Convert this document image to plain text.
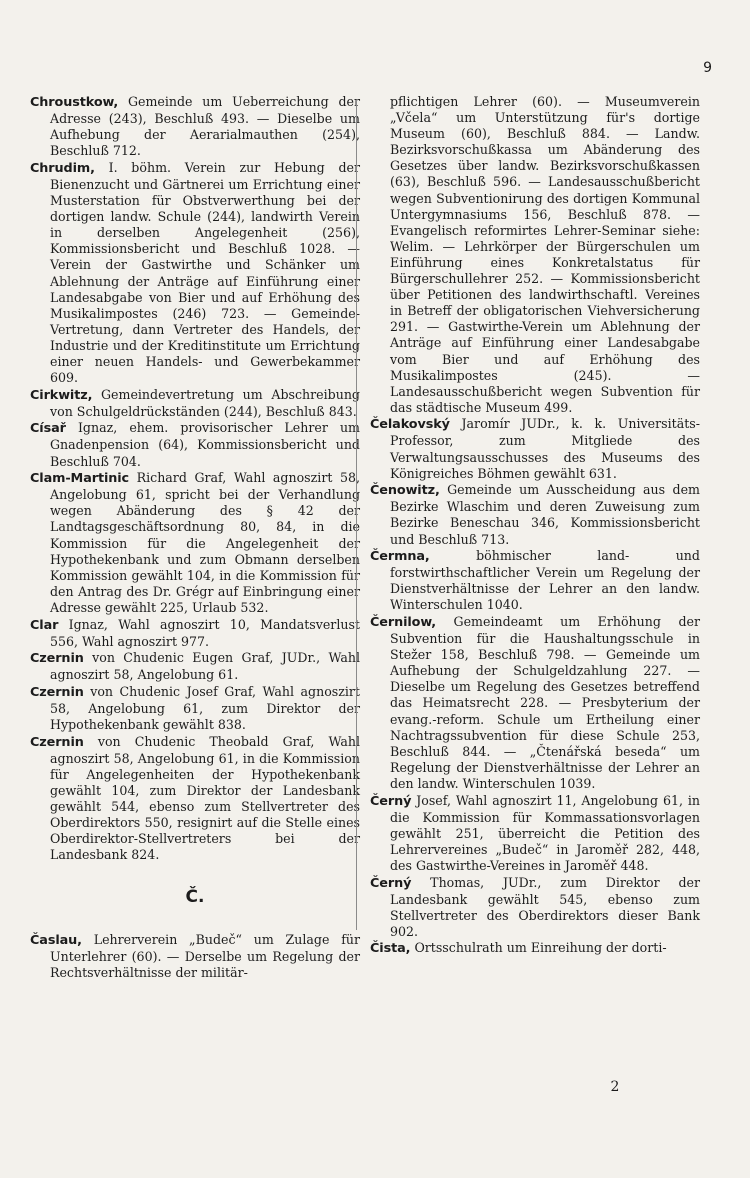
9

Chroustkow, Gemeinde um Ueberreichung der Adresse (243), Beschluß 493. — Dieselbe um Aufhebung der Aerarialmauthen (254), Beschluß 712.

Chrudim, I. böhm. Verein zur Hebung der Bienenzucht und Gärtnerei um Errichtung einer Musterstation für Obstverwerthung bei der dortigen landw. Schule (244), landwirth Verein in derselben Angelegenheit (256), Kommissionsbericht und Beschluß 1028. — Verein der Gastwirthe und Schänker um Ablehnung der Anträge auf Einführung einer Landesabgabe von Bier und auf Erhöhung des Musikalimpostes (246) 723. — Gemeinde-Vertretung, dann Vertreter des Handels, der Industrie und der Kreditinstitute um Errichtung einer neuen Handels- und Gewerbekammer 609.

Cirkwitz, Gemeindevertretung um Abschreibung von Schulgeldrückständen (244), Beschluß 843.

Císař Ignaz, ehem. provisorischer Lehrer um Gnadenpension (64), Kommissionsbericht und Beschluß 704.

Clam-Martinic Richard Graf, Wahl agnoszirt 58, Angelobung 61, spricht bei der Verhandlung wegen Abänderung des § 42 der Landtagsgeschäftsordnung 80, 84, in die Kommission für die Angelegenheit der Hypothekenbank und zum Obmann derselben Kommission gewählt 104, in die Kommission für den Antrag des Dr. Grégr auf Einbringung einer Adresse gewählt 225, Urlaub 532.

Clar Ignaz, Wahl agnoszirt 10, Mandatsverlust 556, Wahl agnoszirt 977.

Czernin von Chudenic Eugen Graf, JUDr., Wahl agnoszirt 58, Angelobung 61.

Czernin von Chudenic Josef Graf, Wahl agnoszirt 58, Angelobung 61, zum Direktor der Hypothekenbank gewählt 838.

Czernin von Chudenic Theobald Graf, Wahl agnoszirt 58, Angelobung 61, in die Kommission für Angelegenheiten der Hypothekenbank gewählt 104, zum Direktor der Landesbank gewählt 544, ebenso zum Stellvertreter des Oberdirektors 550, resignirt auf die Stelle eines Oberdirektor-Stellvertreters bei der Landesbank 824.

Č.

Časlau, Lehrerverein „Budeč“ um Zulage für Unterlehrer (60). — Derselbe um Regelung der Rechtsverhältnisse der militär-

pflichtigen Lehrer (60). — Museumverein „Včela“ um Unterstützung für's dortige Museum (60), Beschluß 884. — Landw. Bezirksvorschußkassa um Abänderung des Gesetzes über landw. Bezirksvorschußkassen (63), Beschluß 596. — Landesausschußbericht wegen Subventionirung des dortigen Kommunal Untergymnasiums 156, Beschluß 878. — Evangelisch reformirtes Lehrer-Seminar siehe: Welim. — Lehrkörper der Bürgerschulen um Einführung eines Konkretalstatus für Bürgerschullehrer 252. — Kommissionsbericht über Petitionen des landwirthschaftl. Vereines in Betreff der obligatorischen Viehversicherung 291. — Gastwirthe-Verein um Ablehnung der Anträge auf Einführung einer Landesabgabe vom Bier und auf Erhöhung des Musikalimpostes (245). — Landesausschußbericht wegen Subvention für das städtische Museum 499.

Čelakovský Jaromír JUDr., k. k. Universitäts-Professor, zum Mitgliede des Verwaltungsausschusses des Museums des Königreiches Böhmen gewählt 631.

Čenowitz, Gemeinde um Ausscheidung aus dem Bezirke Wlaschim und deren Zuweisung zum Bezirke Beneschau 346, Kommissionsbericht und Beschluß 713.

Čermna,	böhmischer land- und forstwirthschaftlicher Verein um Regelung der Dienstverhältnisse der Lehrer an den landw. Winterschulen 1040.

Černilow, Gemeindeamt um Erhöhung der Subvention für die Haushaltungsschule in Stežer 158, Beschluß 798. — Gemeinde um Aufhebung der Schulgeldzahlung 227. — Dieselbe um Regelung des Gesetzes betreffend das Heimatsrecht 228. — Presbyterium der evang.-reform. Schule um Ertheilung einer Nachtragssubvention für diese Schule 253, Beschluß 844. — „Čtenářská beseda“ um Regelung der Dienstverhältnisse der Lehrer an den landw. Winterschulen 1039.

Černý Josef, Wahl agnoszirt 11, Angelobung 61, in die Kommission für Kommassationsvorlagen gewählt 251, überreicht die Petition des Lehrervereines „Budeč“ in Jaroměř 282, 448, des Gastwirthe-Vereines in Jaroměř 448.

Černý Thomas, JUDr., zum Direktor der Landesbank gewählt 545, ebenso zum Stellvertreter des Oberdirektors dieser Bank 902.

Čista, Ortsschulrath um Einreihung der dorti-

2
